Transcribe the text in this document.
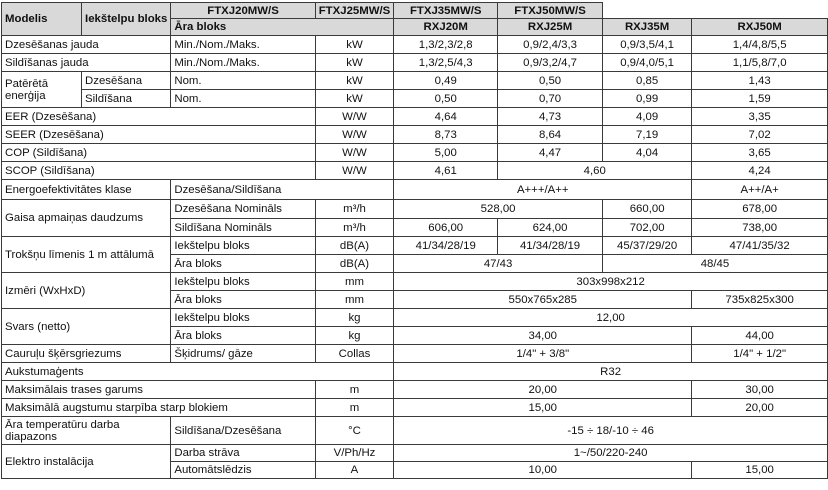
Modelis	Iekštelpu bloks	FTXJ20MW/S	FTXJ25MW/S	FTXJ35MW/S	FTXJ50MW/S		
		Āra bloks		RXJ20M	RXJ25M	RXJ35M	RXJ50M
Dzesēšanas jauda		Min./Nom./Maks.	kW	1,3/2,3/2,8	0,9/2,4/3,3	0,9/3,5/4,1	1,4/4,8/5,5
Sildīšanas jauda		Min./Nom./Maks.	kW	1,3/2,5/4,3	0,9/3,2/4,7	0,9/4,0/5,1	1,1/5,8/7,0
Patērētā enerģija	Dzesēšana	Nom.	kW	0,49	0,50	0,85	1,43
	Sildīšana	Nom.	kW	0,50	0,70	0,99	1,59
EER (Dzesēšana)			W/W	4,64	4,73	4,09	3,35
SEER (Dzesēšana)			W/W	8,73	8,64	7,19	7,02
COP (Sildīšana)			W/W	5,00	4,47	4,04	3,65
SCOP (Sildīšana)			W/W	4,61	4,60		4,24
Energoefektivitātes klase		Dzesēšana/Sildīšana		A+++/A++			A++/A+
Gaisa apmaiņas daudzums		Dzesēšana Nominā​ls	m³/h	528,00		660,00	678,00
		Sildīšana Nominā​ls	m³/h	606,00	624,00	702,00	738,00
Trokšņu līmenis 1 m attālumā		Iekštelpu bloks	dB(A)	41/34/28/19	41/34/28/19	45/37/29/20	47/41/35/32
		Āra bloks	dB(A)	47/43		48/45	
Izmēri (WxHxD)		Iekštelpu bloks	mm	303x998x212			
		Āra bloks	mm	550x765x285			735x825x300
Svars (netto)		Iekštelpu bloks	kg	12,00			
		Āra bloks	kg	34,00			44,00
Cauruļu šķērsgriezums		Šķidrums/ gāze	Collas	1/4" + 3/8"			1/4" + 1/2"
Aukstumaģents				R32			
Maksimālais trases garums			m	20,00			30,00
Maksimālā augstumu starpība starp blokiem			m	15,00			20,00
Āra temperatūru darba diapazons		Sildīšana/Dzesēšana	°C	-15 ÷ 18/-10 ÷ 46			
Elektro instalācija		Darba strāva	V/Ph/Hz	1~/50/220-240			
		Automātslēdzis	A	10,00			15,00
